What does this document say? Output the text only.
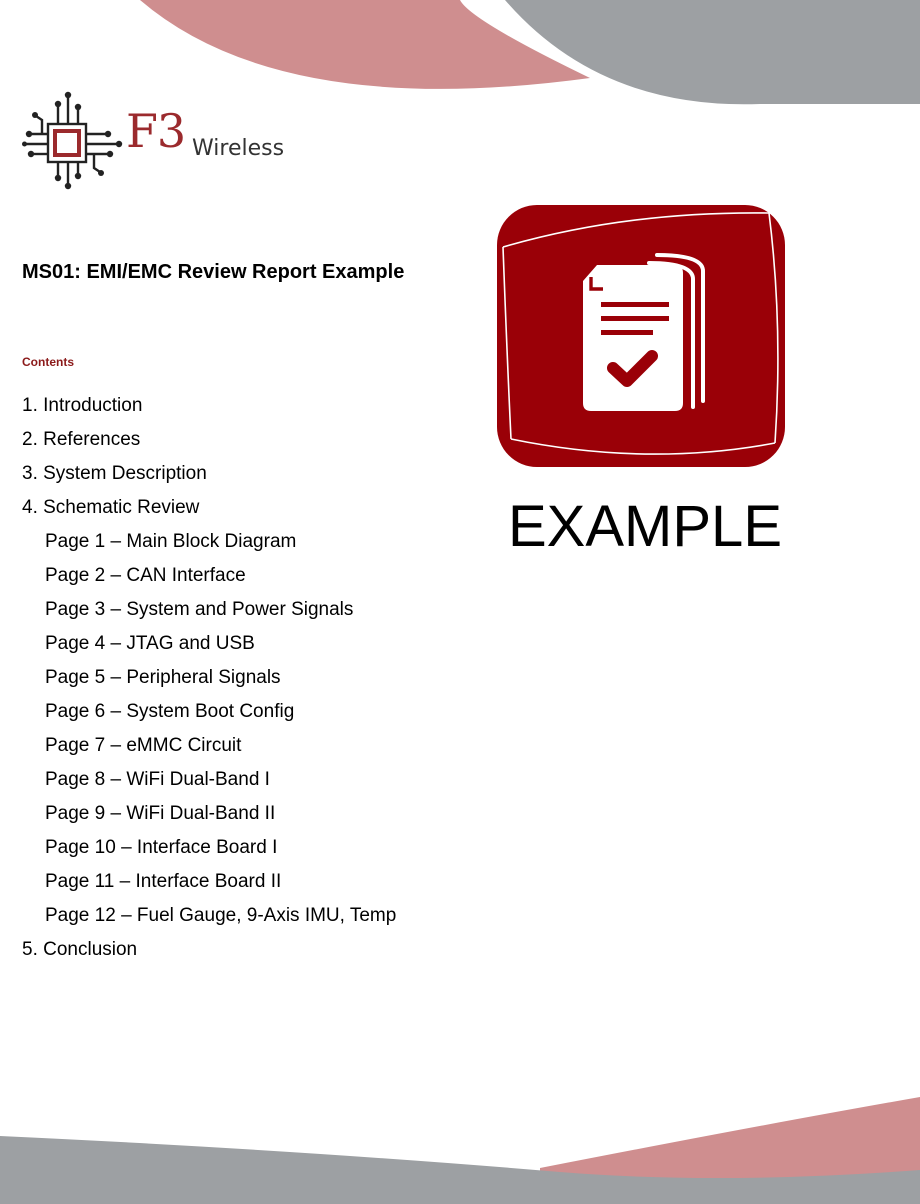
F3 Wireless
MS01: EMI/EMC Review Report Example
Contents
1. Introduction
2. References
3. System Description
4. Schematic Review
Page 1 – Main Block Diagram
Page 2 – CAN Interface
Page 3 – System and Power Signals
Page 4 – JTAG and USB
Page 5 – Peripheral Signals
Page 6 – System Boot Config
Page 7 – eMMC Circuit
Page 8 – WiFi Dual-Band I
Page 9 – WiFi Dual-Band II
Page 10 – Interface Board I
Page 11 – Interface Board II
Page 12 – Fuel Gauge, 9-Axis IMU, Temp
5. Conclusion
EXAMPLE
